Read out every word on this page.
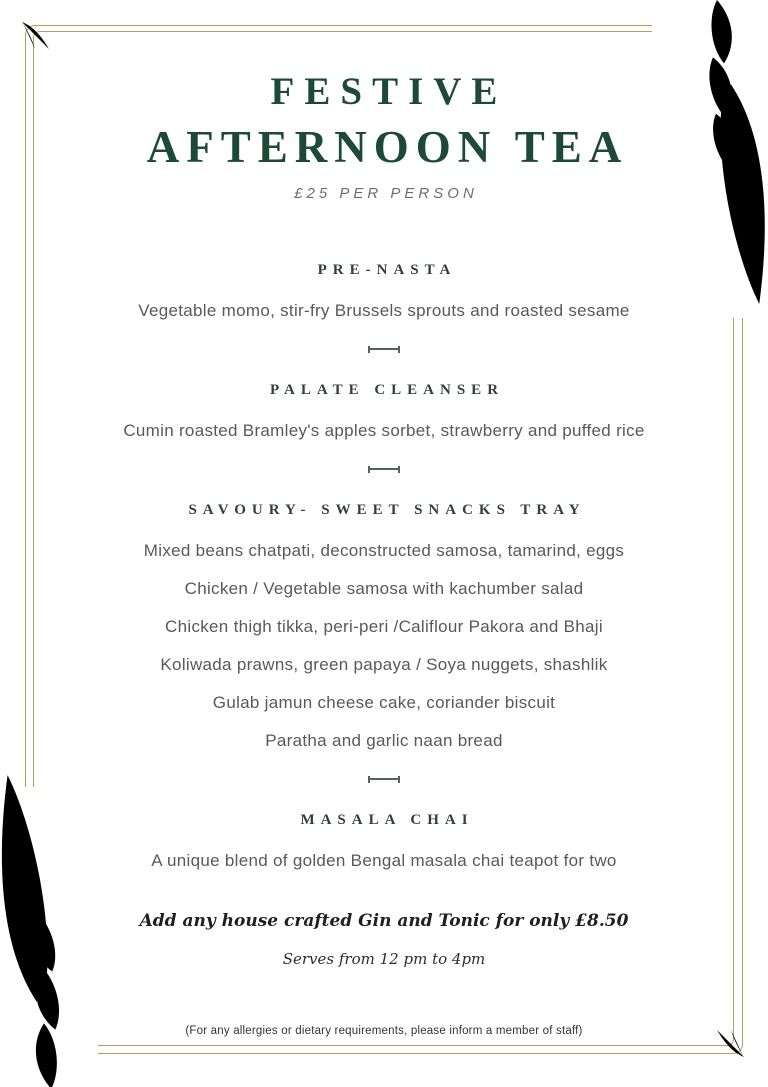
FESTIVE
AFTERNOON TEA

£25 PER PERSON

PRE-NASTA

Vegetable momo, stir-fry Brussels sprouts and roasted sesame

PALATE CLEANSER

Cumin roasted Bramley's apples sorbet, strawberry and puffed rice

SAVOURY- SWEET SNACKS TRAY

Mixed beans chatpati, deconstructed samosa, tamarind, eggs

Chicken / Vegetable samosa with kachumber salad

Chicken thigh tikka, peri-peri /Califlour Pakora and Bhaji

Koliwada prawns, green papaya / Soya nuggets, shashlik

Gulab jamun cheese cake, coriander biscuit

Paratha and garlic naan bread

MASALA CHAI

A unique blend of golden Bengal masala chai teapot for two

Add any house crafted Gin and Tonic for only £8.50

Serves from 12 pm to 4pm

(For any allergies or dietary requirements, please inform a member of staff)
